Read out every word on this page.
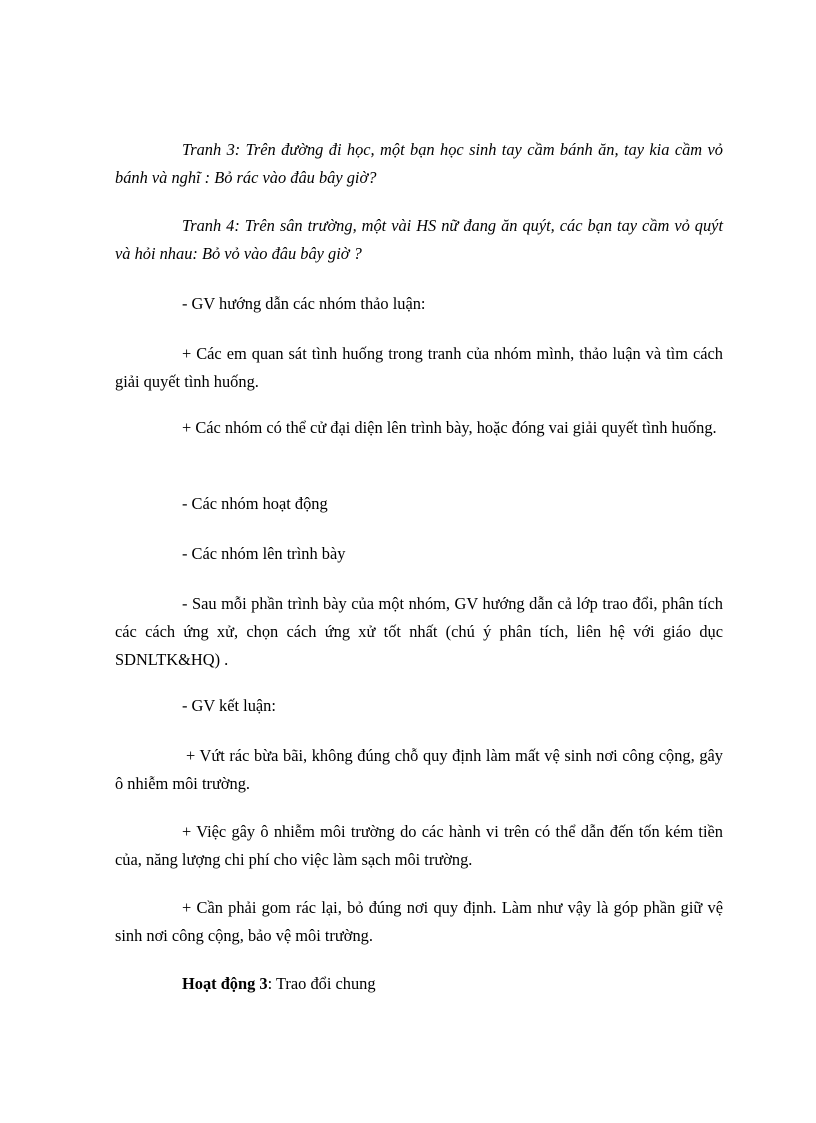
Tranh 3: Trên đường đi học, một bạn học sinh tay cầm bánh ăn, tay kia cầm vỏ bánh và nghĩ : Bỏ rác vào đâu bây giờ?

Tranh 4: Trên sân trường, một vài HS nữ đang ăn quýt, các bạn tay cầm vỏ quýt và hỏi nhau: Bỏ vỏ vào đâu bây giờ ?

- GV hướng dẫn các nhóm thảo luận:

+ Các em quan sát tình huống trong tranh của nhóm mình, thảo luận và tìm cách giải quyết tình huống.

+ Các nhóm có thể cử đại diện lên trình bày, hoặc đóng vai giải quyết tình huống.

- Các nhóm hoạt động

- Các nhóm lên trình bày

- Sau mỗi phần trình bày của một nhóm, GV hướng dẫn cả lớp trao đổi, phân tích các cách ứng xử, chọn cách ứng xử tốt nhất (chú ý phân tích, liên hệ với giáo dục SDNLTK&HQ) .

- GV kết luận:

+ Vứt rác bừa bãi, không đúng chỗ quy định làm mất vệ sinh nơi công cộng, gây ô nhiễm môi trường.

+ Việc gây ô nhiễm môi trường do các hành vi trên có thể dẫn đến tốn kém tiền của, năng lượng chi phí cho việc làm sạch môi trường.

+ Cần phải gom rác lại, bỏ đúng nơi quy định. Làm như vậy là góp phần giữ vệ sinh nơi công cộng, bảo vệ môi trường.

Hoạt động 3: Trao đổi chung
